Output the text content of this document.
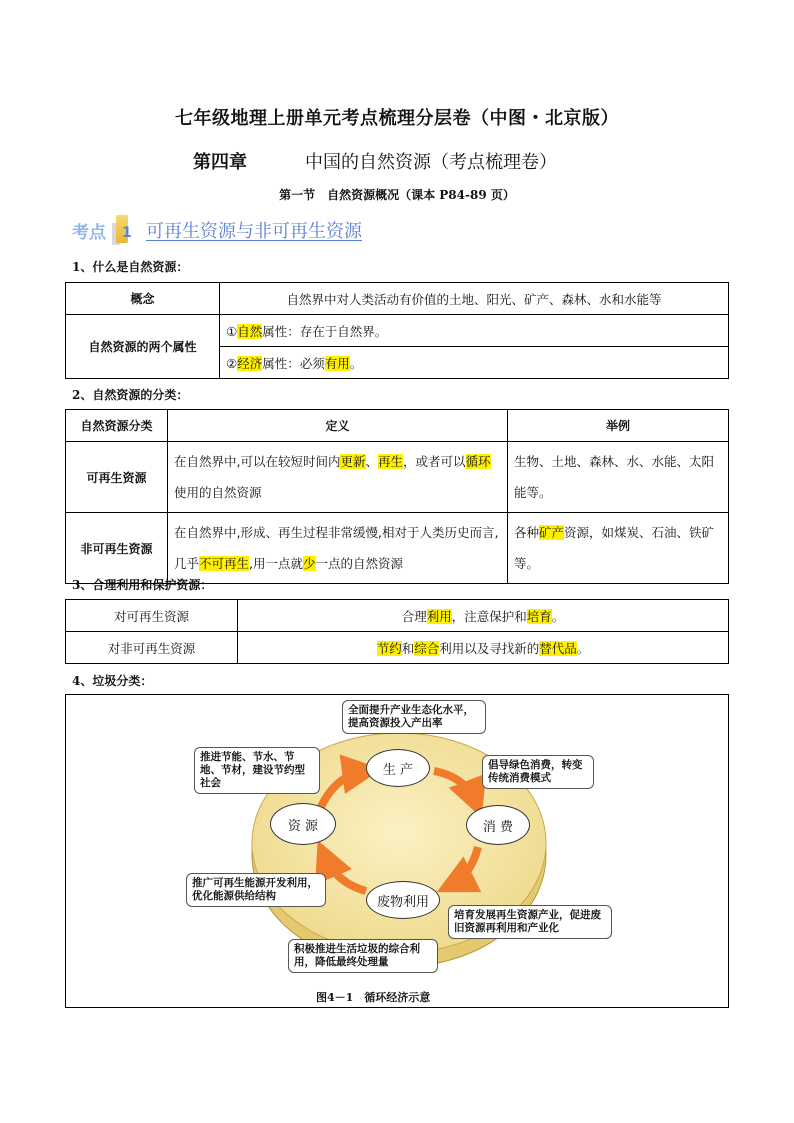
七年级地理上册单元考点梳理分层卷（中图・北京版）
第四章	中国的自然资源（考点梳理卷）
第一节　自然资源概况（课本 P84-89 页）
考点 1 可再生资源与非可再生资源
1、什么是自然资源：
概念	自然界中对人类活动有价值的土地、阳光、矿产、森林、水和水能等
自然资源的两个属性	①自然属性：存在于自然界。
	②经济属性：必须有用。
2、自然资源的分类：
自然资源分类	定义	举例
可再生资源	在自然界中,可以在较短时间内更新、再生，或者可以循环使用的自然资源	生物、土地、森林、水、水能、太阳能等。
非可再生资源	在自然界中,形成、再生过程非常缓慢,相对于人类历史而言,几乎不可再生,用一点就少一点的自然资源	各种矿产资源，如煤炭、石油、铁矿等。
3、合理利用和保护资源：
对可再生资源	合理利用，注意保护和培育。
对非可再生资源	节约和综合利用以及寻找新的替代品。
4、垃圾分类：
生 产
消 费
资 源
废物利用
全面提升产业生态化水平，提高资源投入产出率
推进节能、节水、节地、节材，建设节约型社会
倡导绿色消费，转变传统消费模式
推广可再生能源开发利用，优化能源供给结构
培育发展再生资源产业，促进废旧资源再利用和产业化
积极推进生活垃圾的综合利用，降低最终处理量
图4－1　循环经济示意
